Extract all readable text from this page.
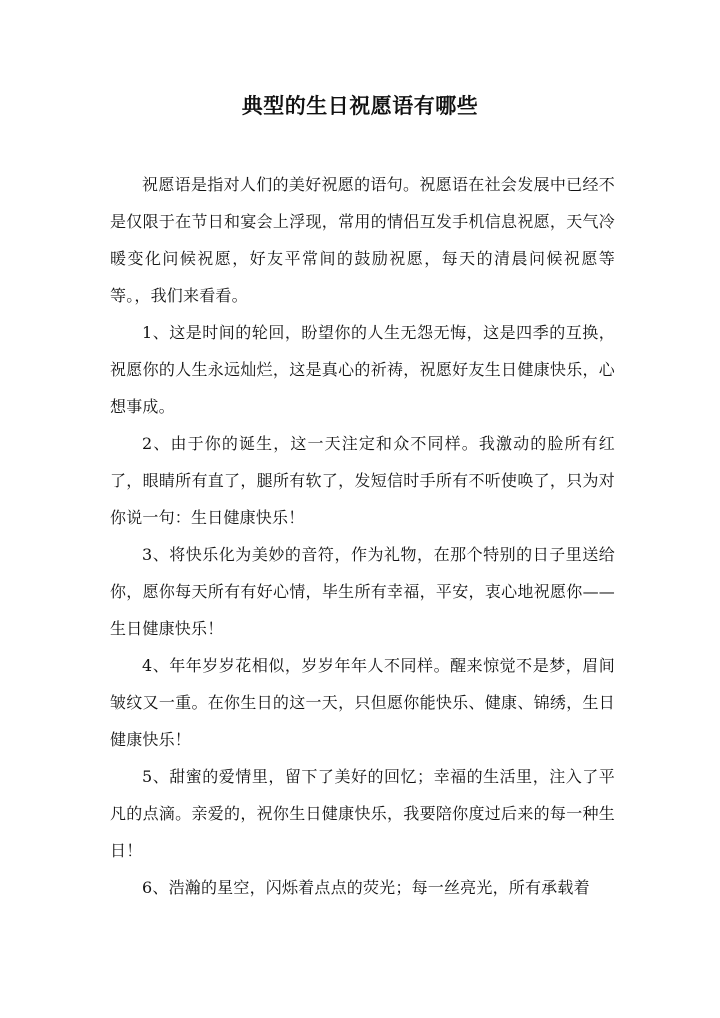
典型的生日祝愿语有哪些

祝愿语是指对人们的美好祝愿的语句。祝愿语在社会发展中已经不是仅限于在节日和宴会上浮现，常用的情侣互发手机信息祝愿，天气冷暖变化问候祝愿，好友平常间的鼓励祝愿，每天的清晨问候祝愿等等。，我们来看看。

1、这是时间的轮回，盼望你的人生无怨无悔，这是四季的互换，祝愿你的人生永远灿烂，这是真心的祈祷，祝愿好友生日健康快乐，心想事成。

2、由于你的诞生，这一天注定和众不同样。我激动的脸所有红了，眼睛所有直了，腿所有软了，发短信时手所有不听使唤了，只为对你说一句：生日健康快乐！

3、将快乐化为美妙的音符，作为礼物，在那个特别的日子里送给你，愿你每天所有有好心情，毕生所有幸福，平安，衷心地祝愿你——生日健康快乐！

4、年年岁岁花相似，岁岁年年人不同样。醒来惊觉不是梦，眉间皱纹又一重。在你生日的这一天，只但愿你能快乐、健康、锦绣，生日健康快乐！

5、甜蜜的爱情里，留下了美好的回忆；幸福的生活里，注入了平凡的点滴。亲爱的，祝你生日健康快乐，我要陪你度过后来的每一种生日！

6、浩瀚的星空，闪烁着点点的荧光；每一丝亮光，所有承载着
